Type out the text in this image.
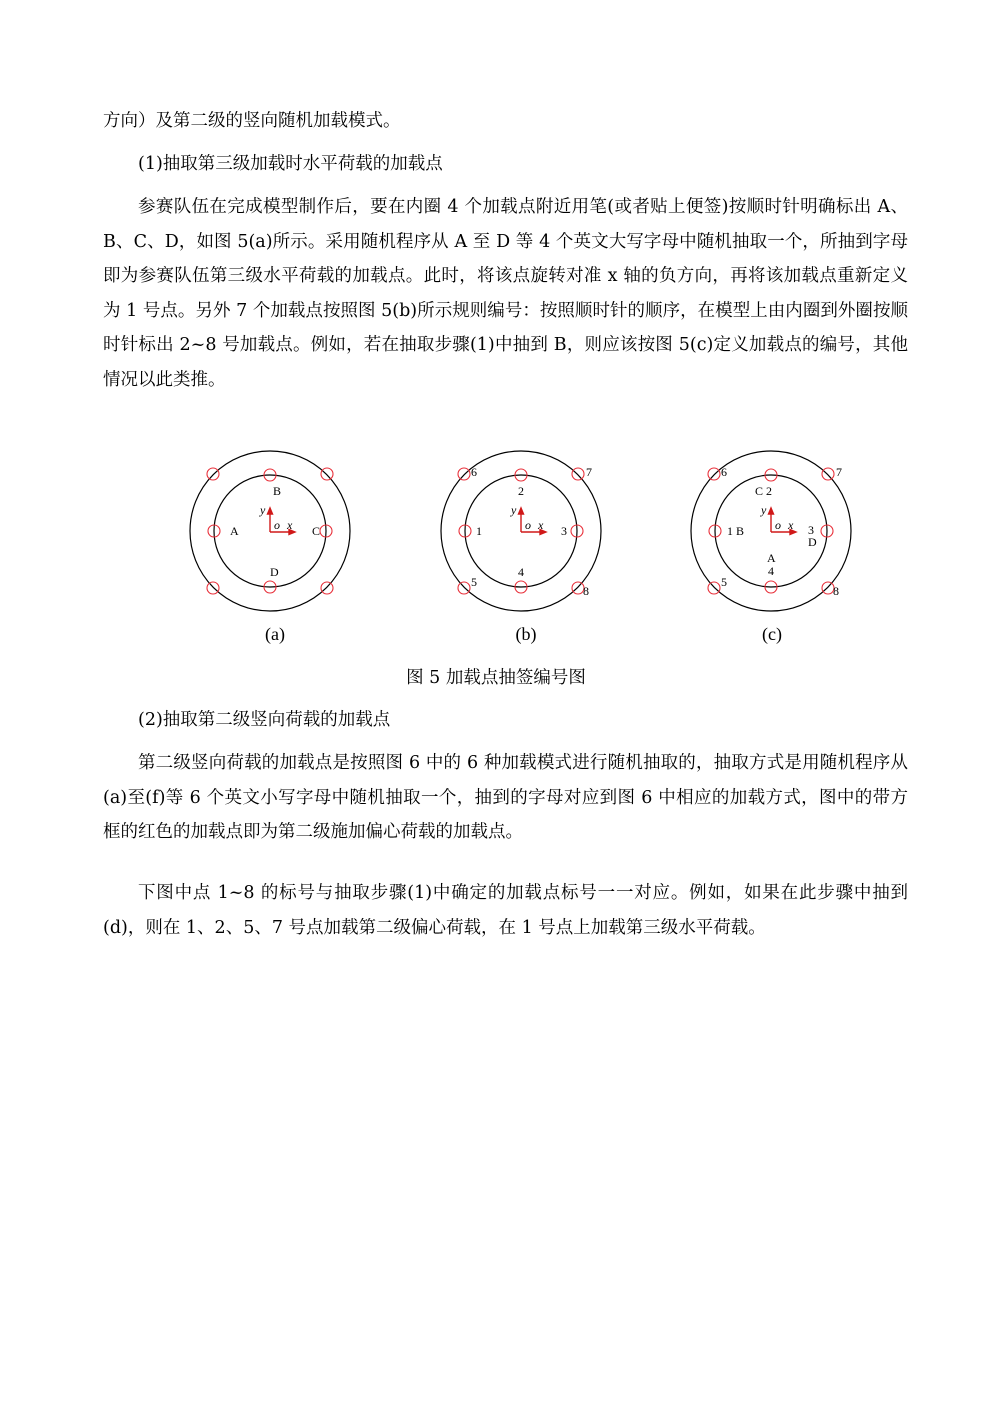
方向）及第二级的竖向随机加载模式。

(1)抽取第三级加载时水平荷载的加载点

参赛队伍在完成模型制作后，要在内圈 4 个加载点附近用笔(或者贴上便签)按顺时针明确标出 A、B、C、D，如图 5(a)所示。采用随机程序从 A 至 D 等 4 个英文大写字母中随机抽取一个，所抽到字母即为参赛队伍第三级水平荷载的加载点。此时，将该点旋转对准 x 轴的负方向，再将该加载点重新定义为 1 号点。另外 7 个加载点按照图 5(b)所示规则编号：按照顺时针的顺序，在模型上由内圈到外圈按顺时针标出 2~8 号加载点。例如，若在抽取步骤(1)中抽到 B，则应该按图 5(c)定义加载点的编号，其他情况以此类推。

y
o x
B
A	C
D
y
o x
2
1	3
4
6	7
5
8
y
o x
C 2
1 B	3
D
A
4
6	7
5
8
(a)	(b)	(c)
图 5 加载点抽签编号图

(2)抽取第二级竖向荷载的加载点

第二级竖向荷载的加载点是按照图 6 中的 6 种加载模式进行随机抽取的，抽取方式是用随机程序从(a)至(f)等 6 个英文小写字母中随机抽取一个，抽到的字母对应到图 6 中相应的加载方式，图中的带方框的红色的加载点即为第二级施加偏心荷载的加载点。

下图中点 1~8 的标号与抽取步骤(1)中确定的加载点标号一一对应。例如，如果在此步骤中抽到(d)，则在 1、2、5、7 号点加载第二级偏心荷载，在 1 号点上加载第三级水平荷载。
